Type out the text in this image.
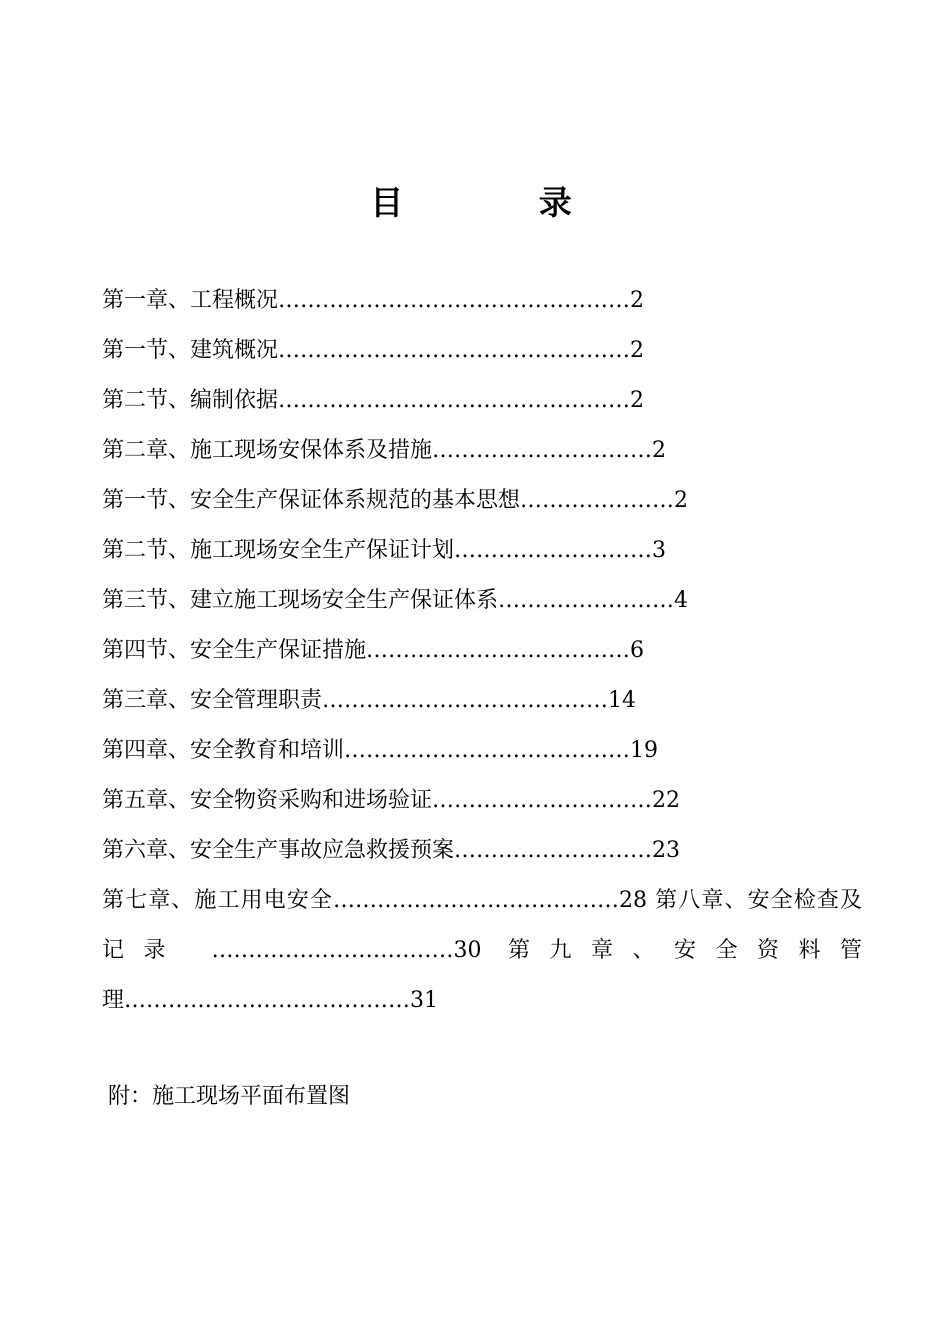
目 录
第一章、工程概况…………………………………………2
第一节、建筑概况…………………………………………2
第二节、编制依据…………………………………………2
第二章、施工现场安保体系及措施…………………………2
第一节、安全生产保证体系规范的基本思想…………………2
第二节、施工现场安全生产保证计划………………………3
第三节、建立施工现场安全生产保证体系……………………4
第四节、安全生产保证措施………………………………6
第三章、安全管理职责…………………………………14
第四章、安全教育和培训…………………………………19
第五章、安全物资采购和进场验证…………………………22
第六章、安全生产事故应急救援预案………………………23
第七章、施工用电安全…………………………………28 第八章、安全检查及记录 ……………………………30 第九章、安全资料管理…………………………………31
附：施工现场平面布置图
